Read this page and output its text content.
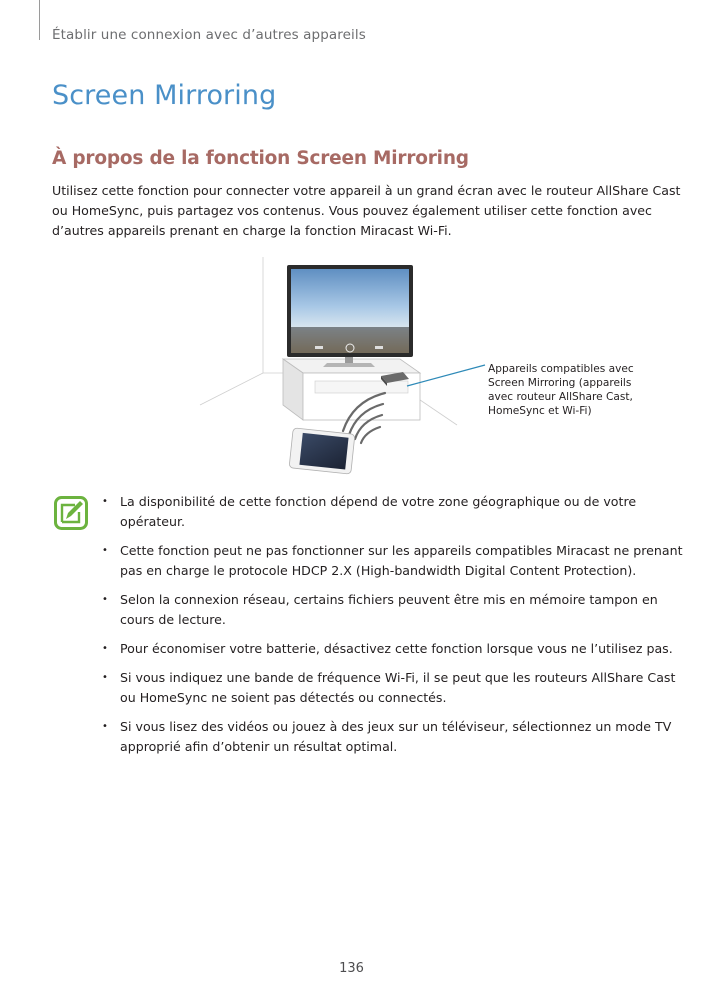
Établir une connexion avec d’autres appareils
Screen Mirroring
À propos de la fonction Screen Mirroring

Utilisez cette fonction pour connecter votre appareil à un grand écran avec le routeur AllShare Cast
ou HomeSync, puis partagez vos contenus. Vous pouvez également utiliser cette fonction avec
d’autres appareils prenant en charge la fonction Miracast Wi-Fi.

Appareils compatibles avec
Screen Mirroring (appareils
avec routeur AllShare Cast,
HomeSync et Wi-Fi)
• La disponibilité de cette fonction dépend de votre zone géographique ou de votre
opérateur.
• Cette fonction peut ne pas fonctionner sur les appareils compatibles Miracast ne prenant
pas en charge le protocole HDCP 2.X (High-bandwidth Digital Content Protection).
• Selon la connexion réseau, certains fichiers peuvent être mis en mémoire tampon en
cours de lecture.
• Pour économiser votre batterie, désactivez cette fonction lorsque vous ne l’utilisez pas.
• Si vous indiquez une bande de fréquence Wi-Fi, il se peut que les routeurs AllShare Cast
ou HomeSync ne soient pas détectés ou connectés.
• Si vous lisez des vidéos ou jouez à des jeux sur un téléviseur, sélectionnez un mode TV
approprié afin d’obtenir un résultat optimal.
136
